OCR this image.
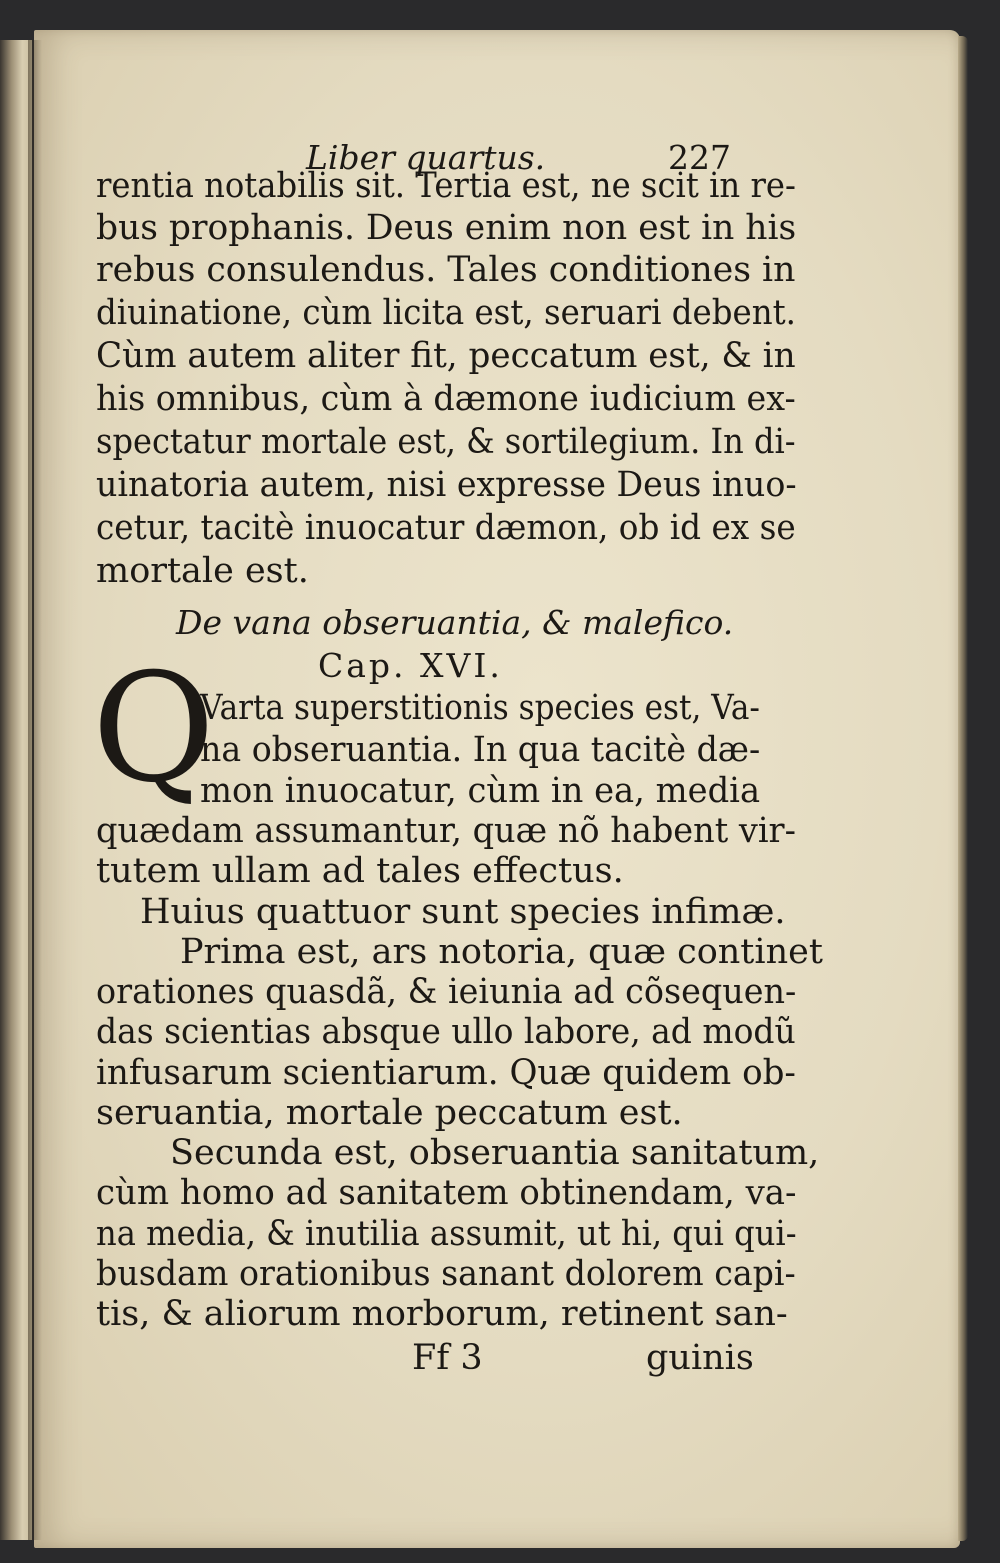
Liber quartus.	227
rentia notabilis sit. Tertia est, ne scit in re-
bus prophanis. Deus enim non est in his
rebus consulendus. Tales conditiones in
diuinatione, cùm licita est, seruari debent.
Cùm autem aliter fit, peccatum est, & in
his omnibus, cùm à dæmone iudicium ex-
spectatur mortale est, & sortilegium. In di-
uinatoria autem, nisi expresse Deus inuo-
cetur, tacitè inuocatur dæmon, ob id ex se
mortale est.
De vana obseruantia, & malefico.
Cap. XVI.
Q
Varta superstitionis species est, Va-
na obseruantia. In qua tacitè dæ-
mon inuocatur, cùm in ea, media
quædam assumantur, quæ nõ habent vir-
tutem ullam ad tales effectus.
Huius quattuor sunt species infimæ.
Prima est, ars notoria, quæ continet
orationes quasdã, & ieiunia ad cõsequen-
das scientias absque ullo labore, ad modũ
infusarum scientiarum. Quæ quidem ob-
seruantia, mortale peccatum est.
Secunda est, obseruantia sanitatum,
cùm homo ad sanitatem obtinendam, va-
na media, & inutilia assumit, ut hi, qui qui-
busdam orationibus sanant dolorem capi-
Ff 3	guinis
tis, & aliorum morborum, retinent san-
